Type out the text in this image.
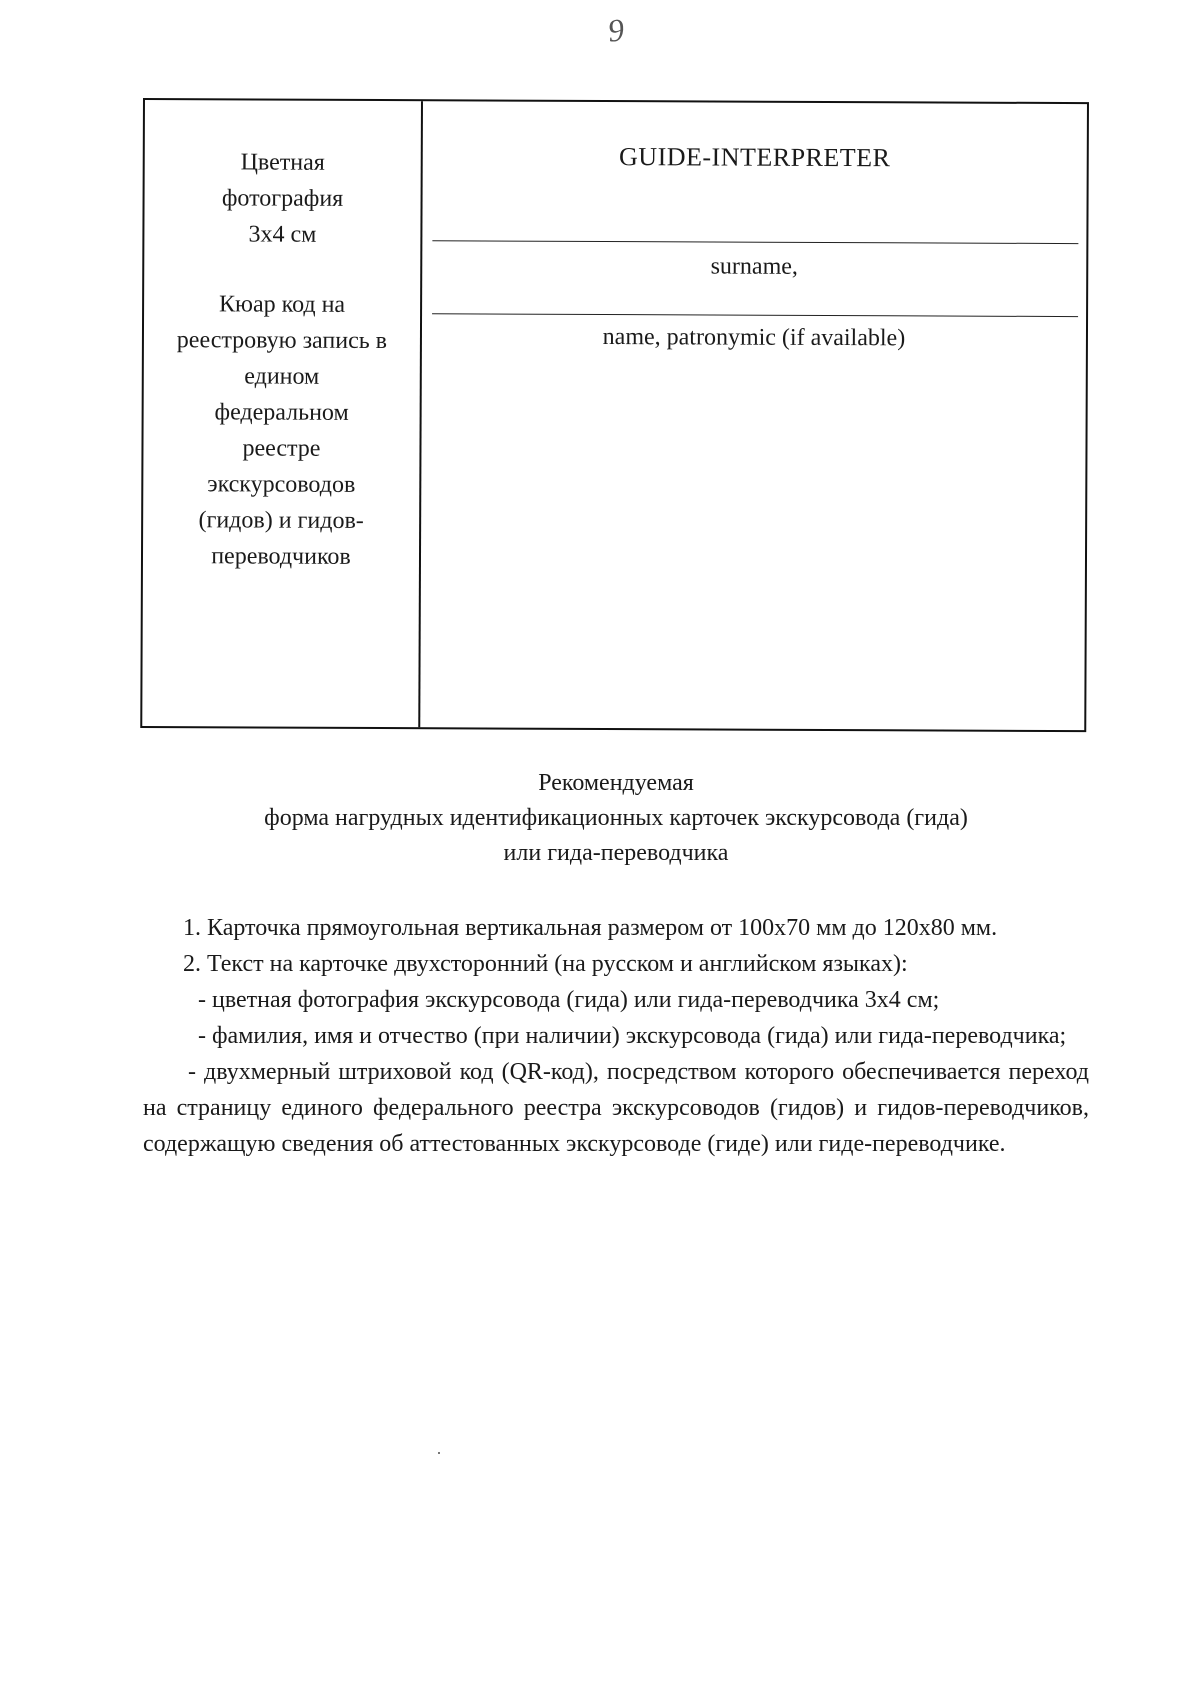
9
Цветная
фотография
3x4 см
Кюар код на
реестровую запись в
едином
федеральном
реестре
экскурсоводов
(гидов) и гидов-
переводчиков
GUIDE-INTERPRETER
surname,
name, patronymic (if available)
Рекомендуемая
форма нагрудных идентификационных карточек экскурсовода (гида)
или гида-переводчика

1. Карточка прямоугольная вертикальная размером от 100x70 мм до 120x80 мм.

2. Текст на карточке двухсторонний (на русском и английском языках):

- цветная фотография экскурсовода (гида) или гида-переводчика 3x4 см;

- фамилия, имя и отчество (при наличии) экскурсовода (гида) или гида-переводчика;

- двухмерный штриховой код (QR-код), посредством которого обеспечивается переход на страницу единого федерального реестра экскурсоводов (гидов) и гидов-переводчиков, содержащую сведения об аттестованных экскурсоводе (гиде) или гиде-переводчике.
